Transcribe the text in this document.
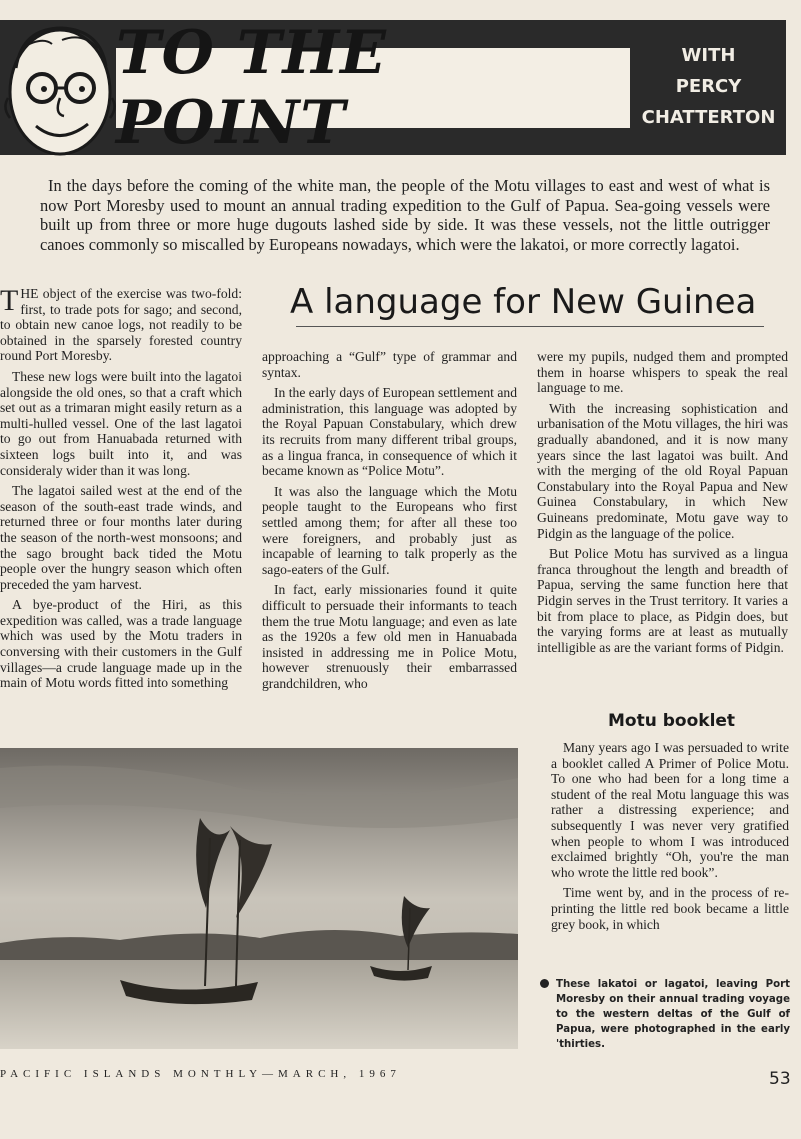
TO THE POINT
WITH
PERCY
CHATTERTON
In the days before the coming of the white man, the people of the Motu villages to east and west of what is now Port Moresby used to mount an annual trading expedition to the Gulf of Papua. Sea-going vessels were built up from three or more huge dugouts lashed side by side. It was these vessels, not the little outrigger canoes commonly so miscalled by Europeans nowadays, which were the lakatoi, or more correctly lagatoi.
A language for New Guinea

THE object of the exercise was two-fold: first, to trade pots for sago; and second, to obtain new canoe logs, not readily to be obtained in the sparsely forested country round Port Moresby.

These new logs were built into the lagatoi alongside the old ones, so that a craft which set out as a trimaran might easily return as a multi-hulled vessel. One of the last lagatoi to go out from Hanuabada returned with sixteen logs built into it, and was consideraly wider than it was long.

The lagatoi sailed west at the end of the season of the south-east trade winds, and returned three or four months later during the season of the north-west monsoons; and the sago brought back tided the Motu people over the hungry season which often preceded the yam harvest.

A bye-product of the Hiri, as this expedition was called, was a trade language which was used by the Motu traders in conversing with their customers in the Gulf villages—a crude language made up in the main of Motu words fitted into something

approaching a “Gulf” type of grammar and syntax.

In the early days of European settlement and administration, this language was adopted by the Royal Papuan Constabulary, which drew its recruits from many different tribal groups, as a lingua franca, in consequence of which it became known as “Police Motu”.

It was also the language which the Motu people taught to the Europeans who first settled among them; for after all these too were foreigners, and probably just as incapable of learning to talk properly as the sago-eaters of the Gulf.

In fact, early missionaries found it quite difficult to persuade their informants to teach them the true Motu language; and even as late as the 1920s a few old men in Hanuabada insisted in addressing me in Police Motu, however strenuously their embarrassed grandchildren, who

were my pupils, nudged them and prompted them in hoarse whispers to speak the real language to me.

With the increasing sophistication and urbanisation of the Motu villages, the hiri was gradually abandoned, and it is now many years since the last lagatoi was built. And with the merging of the old Royal Papuan Constabulary into the Royal Papua and New Guinea Constabulary, in which New Guineans predominate, Motu gave way to Pidgin as the language of the police.

But Police Motu has survived as a lingua franca throughout the length and breadth of Papua, serving the same function here that Pidgin serves in the Trust territory. It varies a bit from place to place, as Pidgin does, but the varying forms are at least as mutually intelligible as are the variant forms of Pidgin.

Motu booklet

Many years ago I was persuaded to write a booklet called A Primer of Police Motu. To one who had been for a long time a student of the real Motu language this was rather a distressing experience; and subsequently I was never very gratified when people to whom I was introduced exclaimed brightly “Oh, you're the man who wrote the little red book”.

Time went by, and in the process of re-printing the little red book became a little grey book, in which

These lakatoi or lagatoi, leaving Port Moresby on their annual trading voyage to the western deltas of the Gulf of Papua, were photographed in the early 'thirties.
PACIFIC ISLANDS MONTHLY—MARCH, 1967	53
